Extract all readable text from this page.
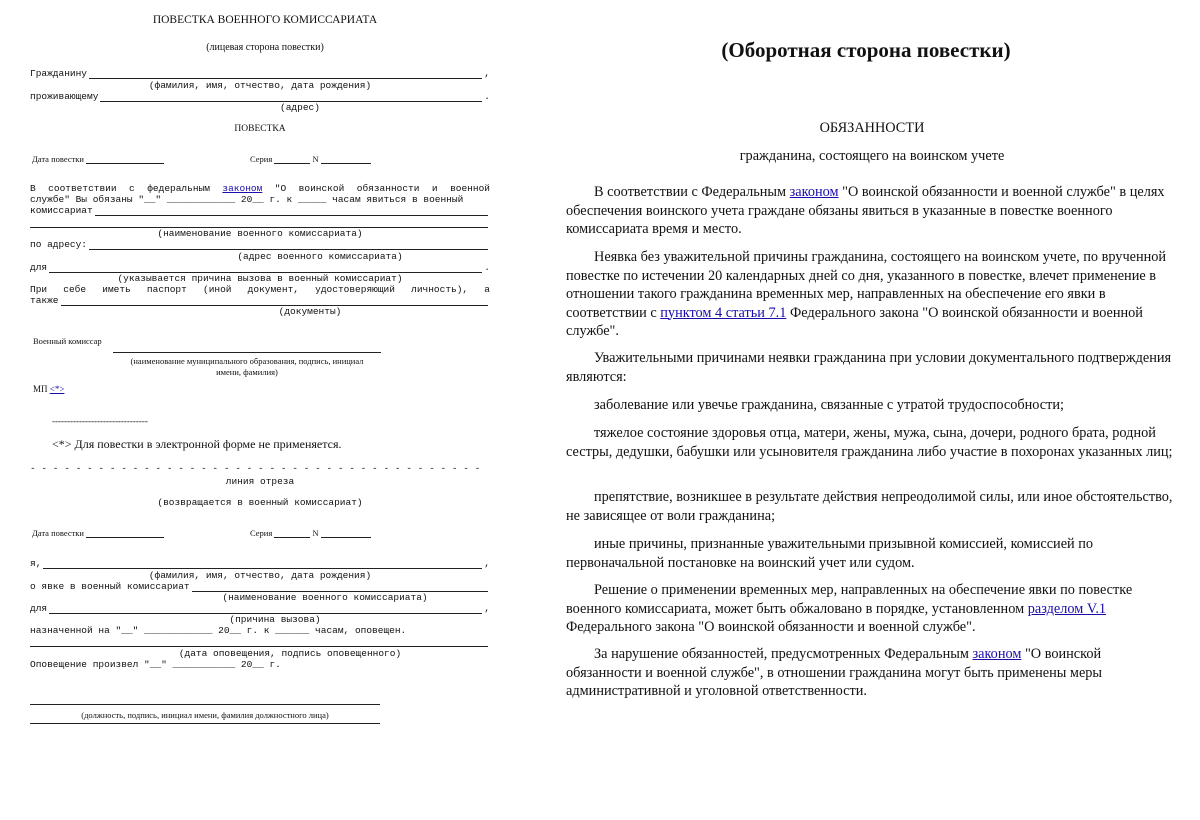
ПОВЕСТКА ВОЕННОГО КОМИССАРИАТА
(лицевая сторона повестки)
Гражданину	,
(фамилия, имя, отчество, дата рождения)
проживающему	.
(адрес)
ПОВЕСТКА
Дата повестки	Серия	N
В соответствии с федеральным законом "О воинской обязанности и военной
службе" Вы обязаны "__" ____________ 20__ г. к _____ часам явиться в военный
комиссариат
(наименование военного комиссариата)
по адресу:
(адрес военного комиссариата)
для	.
(указывается причина вызова в военный комиссариат)
При себе иметь паспорт (иной документ, удостоверяющий личность), а
также
(документы)
Военный комиссар
(наименование муниципального образования, подпись, инициал
имени, фамилия)
МП <*>
--------------------------------
<*> Для повестки в электронной форме не применяется.
- - - - - - - - - - - - - - - - - - - - - - - - - - - - - - - - - - - - - - - -
линия отреза
(возвращается в военный комиссариат)
Дата повестки	Серия	N
я,	,
(фамилия, имя, отчество, дата рождения)
о явке в военный комиссариат
(наименование военного комиссариата)
для	,
(причина вызова)
назначенной на "__" ____________ 20__ г. к ______ часам, оповещен.
(дата оповещения, подпись оповещенного)
Оповещение произвел "__" ___________ 20__ г.
(должность, подпись, инициал имени, фамилия должностного лица)
(Оборотная сторона повестки)
ОБЯЗАННОСТИ
гражданина, состоящего на воинском учете
В соответствии с Федеральным законом "О воинской обязанности и военной службе" в целях обеспечения воинского учета граждане обязаны явиться в указанные в повестке военного комиссариата время и место.
Неявка без уважительной причины гражданина, состоящего на воинском учете, по врученной повестке по истечении 20 календарных дней со дня, указанного в повестке, влечет применение в отношении такого гражданина временных мер, направленных на обеспечение его явки в соответствии с пунктом 4 статьи 7.1 Федерального закона "О воинской обязанности и военной службе".
Уважительными причинами неявки гражданина при условии документального подтверждения являются:
заболевание или увечье гражданина, связанные с утратой трудоспособности;
тяжелое состояние здоровья отца, матери, жены, мужа, сына, дочери, родного брата, родной сестры, дедушки, бабушки или усыновителя гражданина либо участие в похоронах указанных лиц;
препятствие, возникшее в результате действия непреодолимой силы, или иное обстоятельство, не зависящее от воли гражданина;
иные причины, признанные уважительными призывной комиссией, комиссией по первоначальной постановке на воинский учет или судом.
Решение о применении временных мер, направленных на обеспечение явки по повестке военного комиссариата, может быть обжаловано в порядке, установленном разделом V.1 Федерального закона "О воинской обязанности и военной службе".
За нарушение обязанностей, предусмотренных Федеральным законом "О воинской обязанности и военной службе", в отношении гражданина могут быть применены меры административной и уголовной ответственности.
